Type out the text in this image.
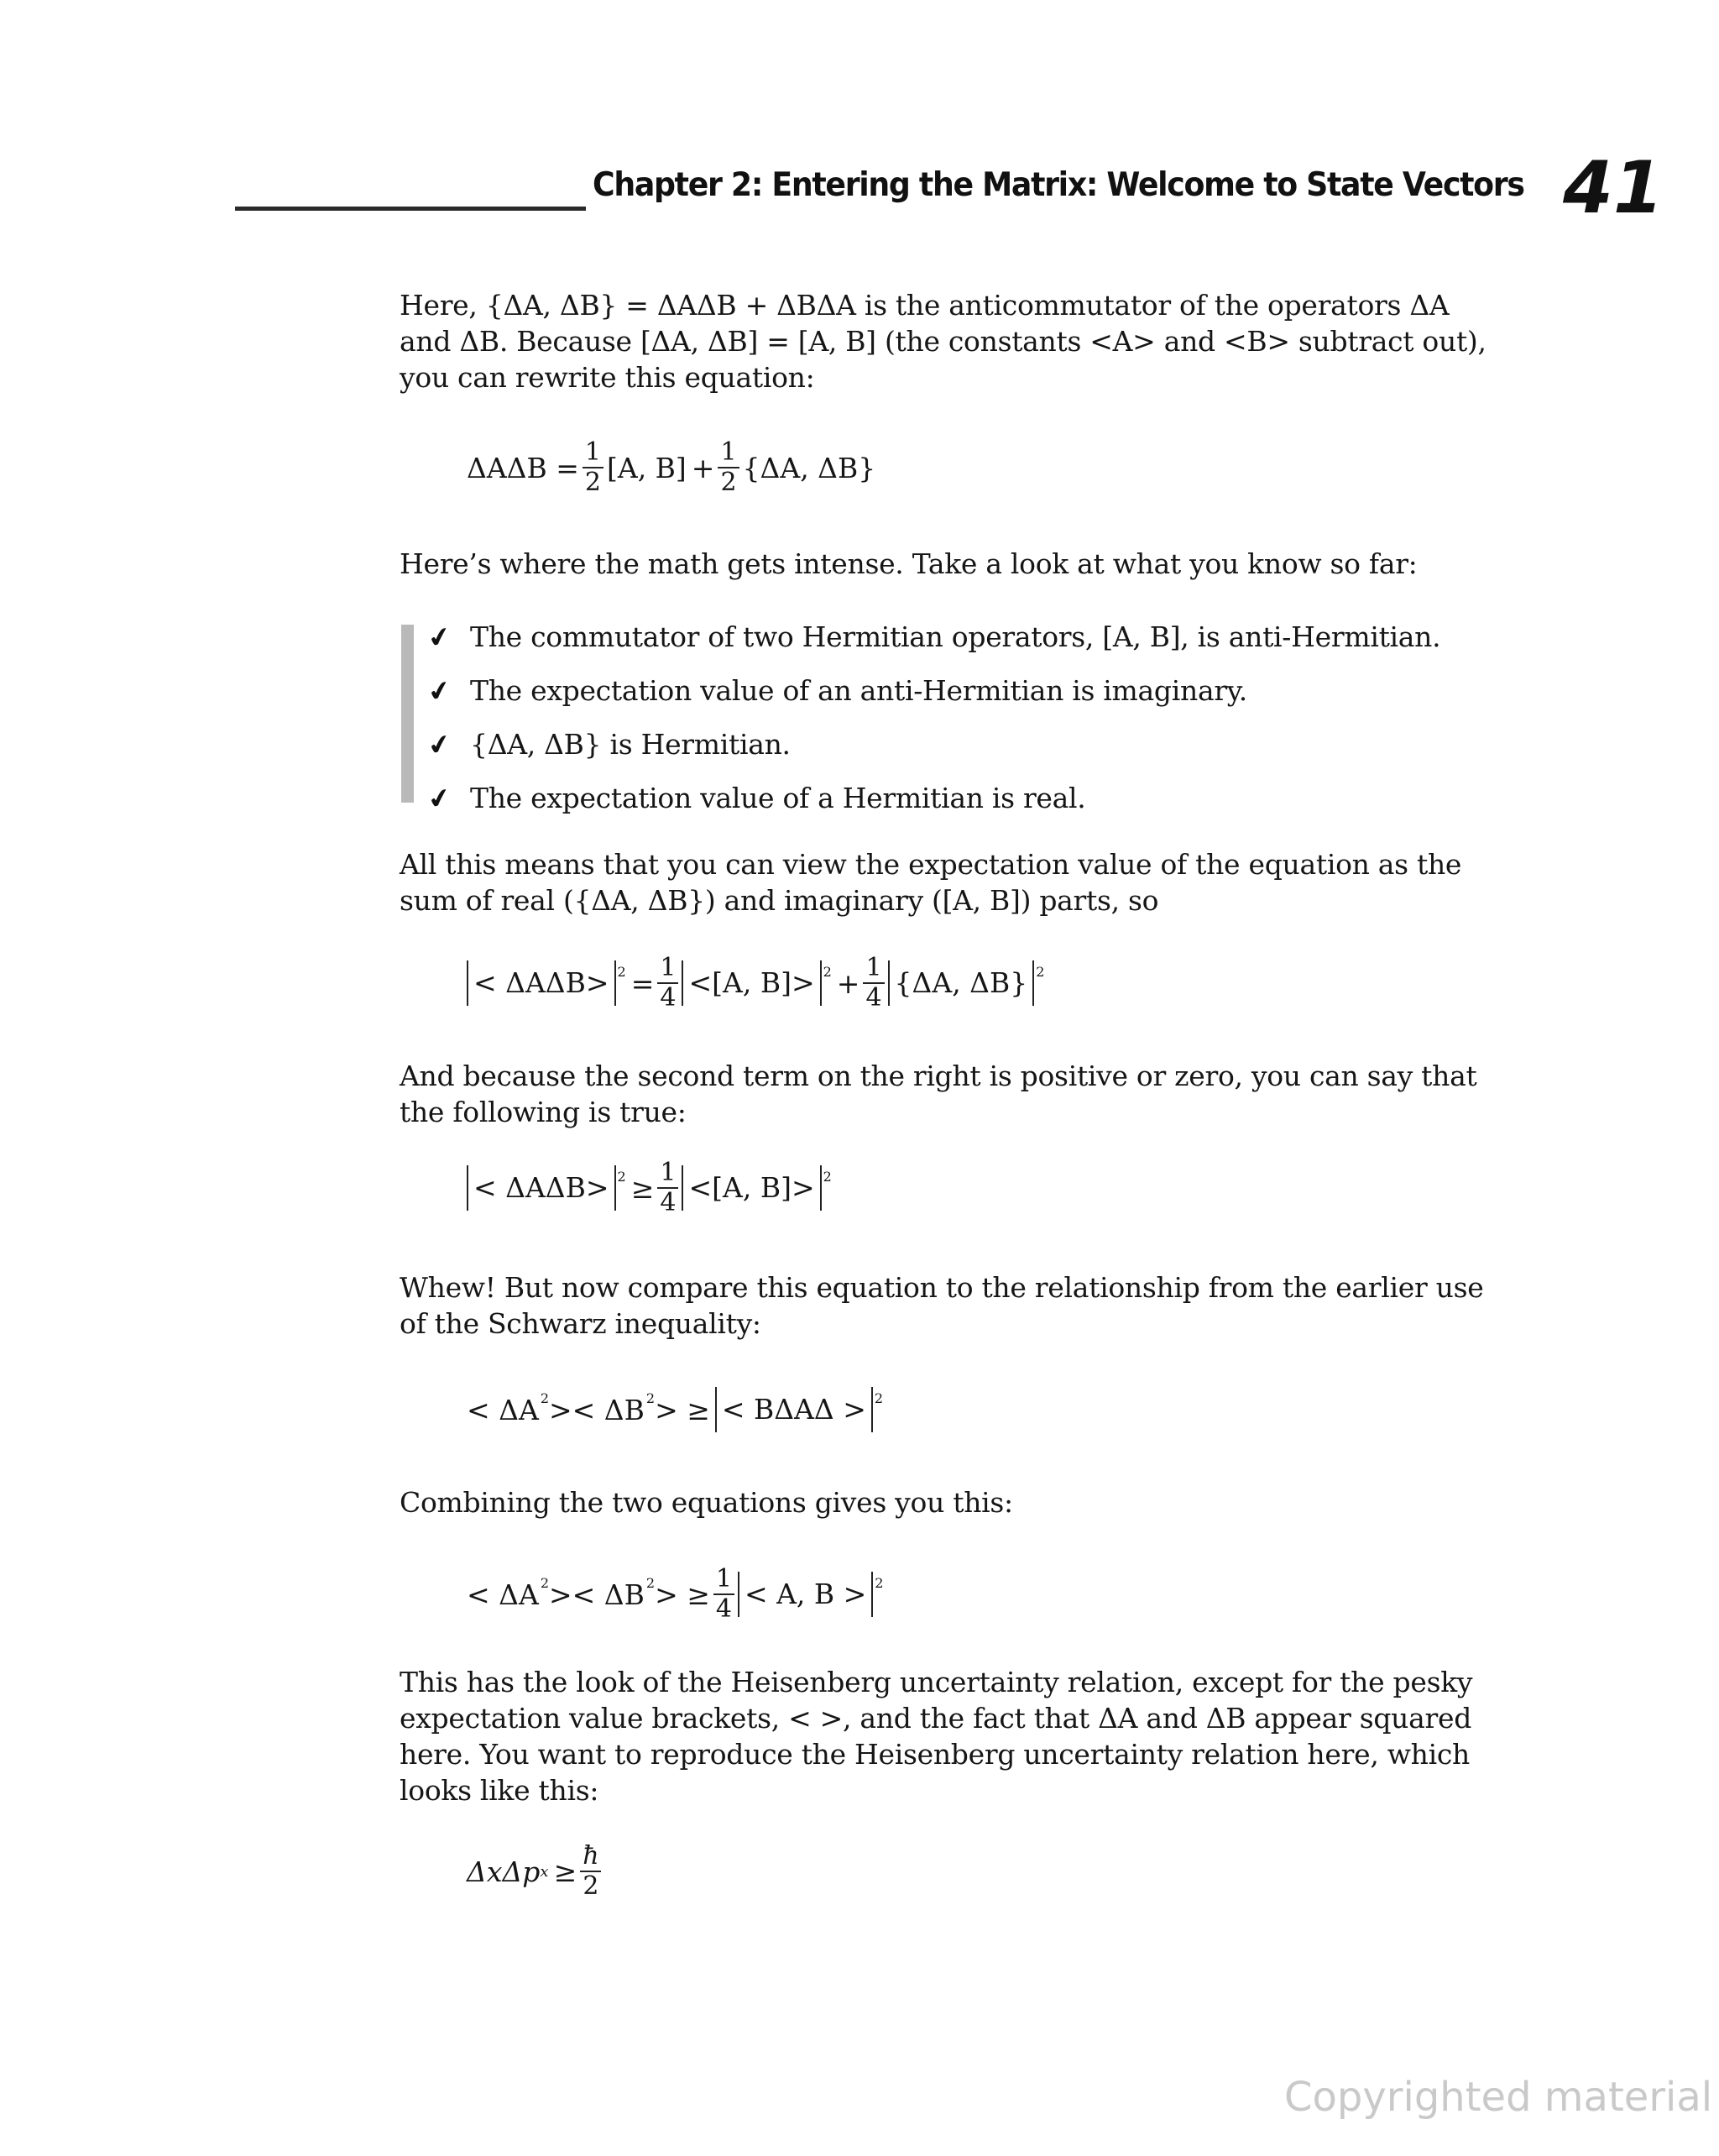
Chapter 2: Entering the Matrix: Welcome to State Vectors 41
Here, {ΔA, ΔB} = ΔAΔB + ΔBΔA is the anticommutator of the operators ΔA and ΔB. Because [ΔA, ΔB] = [A, B] (the constants <A> and <B> subtract out), you can rewrite this equation:
$\Delta A\Delta B = \frac{1}{2} [A$, $B] + \frac{1}{2} \{\Delta A$, ΔB}
Here’s where the math gets intense. Take a look at what you know so far:
✔ The commutator of two Hermitian operators, [A, B], is anti-Hermitian.
✔ The expectation value of an anti-Hermitian is imaginary.
✔ {ΔA, ΔB} is Hermitian.
✔ The expectation value of a Hermitian is real.
All this means that you can view the expectation value of the equation as the sum of real ({ΔA, ΔB}) and imaginary ([A, B]) parts, so
< $\Delta A\Delta B> 2 = \frac{1}{4} <[A$, $B]> 2 + \frac{1}{4} \{\Delta A$, ΔB} 2
And because the second term on the right is positive or zero, you can say that the following is true:
< $\Delta A\Delta B> 2 \ge \frac{1}{4} <[A$, B]> 2
Whew! But now compare this equation to the relationship from the earlier use of the Schwarz inequality:
< ΔA 2 >< ΔB 2 > ≥ < BΔAΔ > 2
Combining the two equations gives you this:
< ΔA 2 >< ΔB 2 > ≥ $\frac{1}{4} < A$, B > 2
This has the look of the Heisenberg uncertainty relation, except for the pesky expectation value brackets, < >, and the fact that ΔA and ΔB appear squared here. You want to reproduce the Heisenberg uncertainty relation here, which looks like this:
ΔxΔp $x \ge \frac{ħ}{2}$
Copyrighted material
